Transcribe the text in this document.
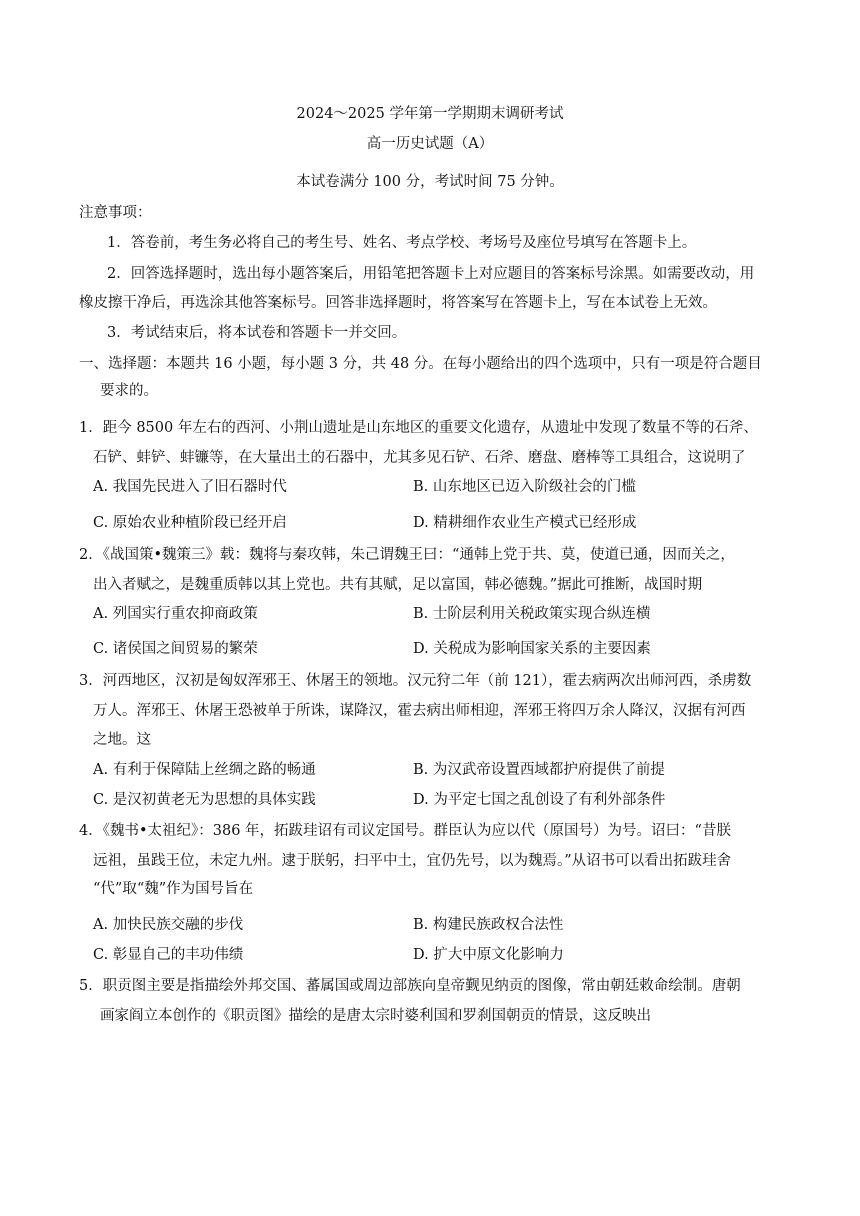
2024～2025 学年第一学期期末调研考试
高一历史试题（A）
本试卷满分 100 分，考试时间 75 分钟。
注意事项：
1．答卷前，考生务必将自己的考生号、姓名、考点学校、考场号及座位号填写在答题卡上。
2．回答选择题时，选出每小题答案后，用铅笔把答题卡上对应题目的答案标号涂黑。如需要改动，用
橡皮擦干净后，再选涂其他答案标号。回答非选择题时，将答案写在答题卡上，写在本试卷上无效。
3．考试结束后，将本试卷和答题卡一并交回。
一、选择题：本题共 16 小题，每小题 3 分，共 48 分。在每小题给出的四个选项中，只有一项是符合题目
要求的。
1．距今 8500 年左右的西河、小荆山遗址是山东地区的重要文化遗存，从遗址中发现了数量不等的石斧、
石铲、蚌铲、蚌镰等，在大量出土的石器中，尤其多见石铲、石斧、磨盘、磨棒等工具组合，这说明了
A. 我国先民进入了旧石器时代	B. 山东地区已迈入阶级社会的门槛
C. 原始农业种植阶段已经开启	D. 精耕细作农业生产模式已经形成
2．《战国策•魏策三》载：魏将与秦攻韩，朱己谓魏王曰：“通韩上党于共、莫，使道已通，因而关之，
出入者赋之，是魏重质韩以其上党也。共有其赋，足以富国，韩必德魏。”据此可推断，战国时期
A. 列国实行重农抑商政策	B. 士阶层利用关税政策实现合纵连横
C. 诸侯国之间贸易的繁荣	D. 关税成为影响国家关系的主要因素
3．河西地区，汉初是匈奴浑邪王、休屠王的领地。汉元狩二年（前 121），霍去病两次出师河西，杀虏数
万人。浑邪王、休屠王恐被单于所诛，谋降汉，霍去病出师相迎，浑邪王将四万余人降汉，汉据有河西
之地。这
A. 有利于保障陆上丝绸之路的畅通	B. 为汉武帝设置西域都护府提供了前提
C. 是汉初黄老无为思想的具体实践	D. 为平定七国之乱创设了有利外部条件
4．《魏书•太祖纪》：386 年，拓跋珪诏有司议定国号。群臣认为应以代（原国号）为号。诏曰：“昔朕
远祖，虽践王位，未定九州。逮于朕躬，扫平中土，宜仍先号，以为魏焉。”从诏书可以看出拓跋珪舍
“代”取“魏”作为国号旨在
A. 加快民族交融的步伐	B. 构建民族政权合法性
C. 彰显自己的丰功伟绩	D. 扩大中原文化影响力
5．职贡图主要是指描绘外邦交国、蕃属国或周边部族向皇帝觐见纳贡的图像，常由朝廷敕命绘制。唐朝
画家阎立本创作的《职贡图》描绘的是唐太宗时婆利国和罗刹国朝贡的情景，这反映出
